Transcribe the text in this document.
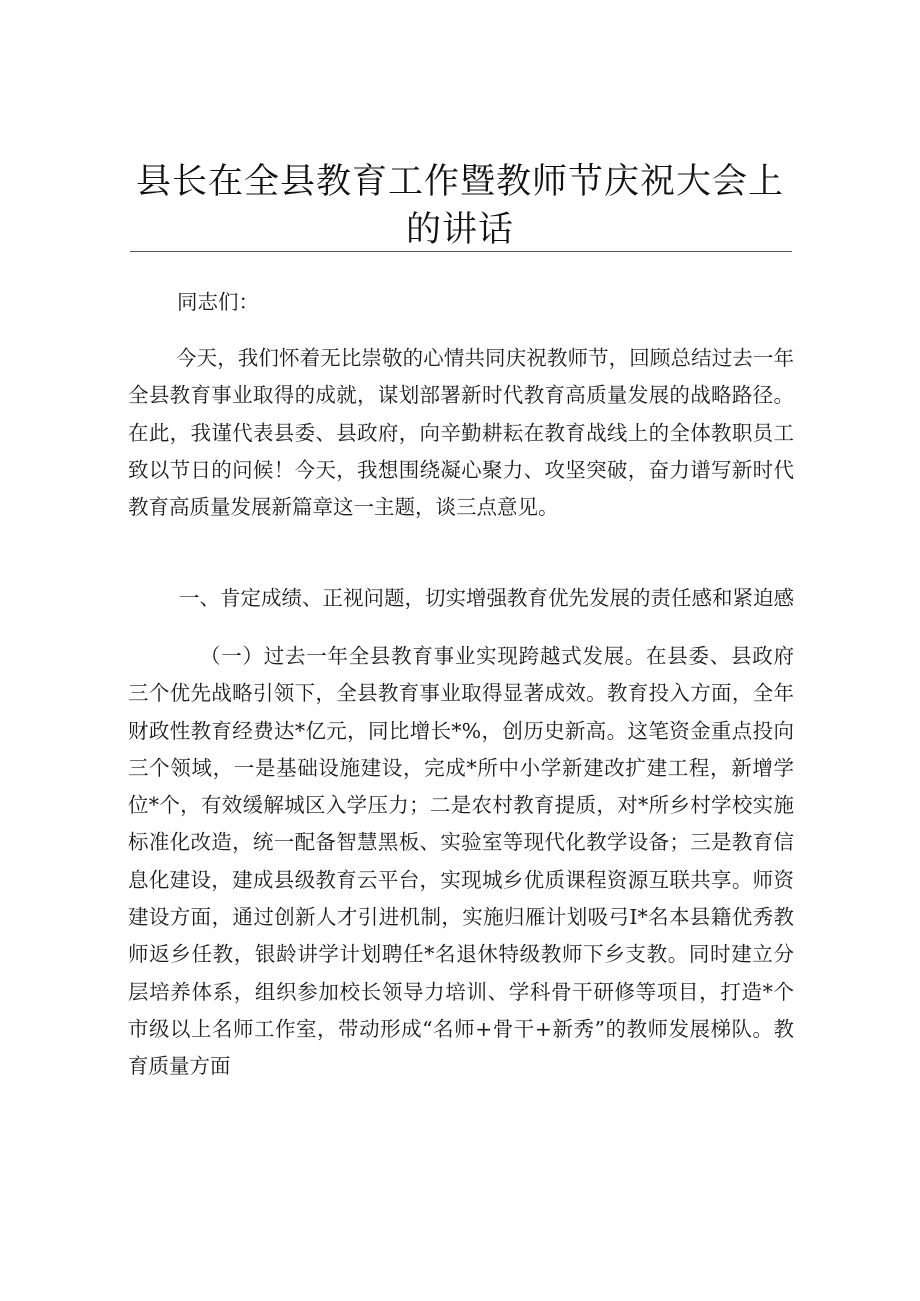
县长在全县教育工作暨教师节庆祝大会上的讲话

同志们：

今天，我们怀着无比崇敬的心情共同庆祝教师节，回顾总结过去一年全县教育事业取得的成就，谋划部署新时代教育高质量发展的战略路径。在此，我谨代表县委、县政府，向辛勤耕耘在教育战线上的全体教职员工致以节日的问候！今天，我想围绕凝心聚力、攻坚突破，奋力谱写新时代教育高质量发展新篇章这一主题，谈三点意见。

一、肯定成绩、正视问题，切实增强教育优先发展的责任感和紧迫感

（一）过去一年全县教育事业实现跨越式发展。在县委、县政府三个优先战略引领下，全县教育事业取得显著成效。教育投入方面，全年财政性教育经费达*亿元，同比增长*%，创历史新高。这笔资金重点投向三个领域，一是基础设施建设，完成*所中小学新建改扩建工程，新增学位*个，有效缓解城区入学压力；二是农村教育提质，对*所乡村学校实施标准化改造，统一配备智慧黑板、实验室等现代化教学设备；三是教育信息化建设，建成县级教育云平台，实现城乡优质课程资源互联共享。师资建设方面，通过创新人才引进机制，实施归雁计划吸弓I*名本县籍优秀教师返乡任教，银龄讲学计划聘任*名退休特级教师下乡支教。同时建立分层培养体系，组织参加校长领导力培训、学科骨干研修等项目，打造*个市级以上名师工作室，带动形成“名师+骨干+新秀”的教师发展梯队。教育质量方面
